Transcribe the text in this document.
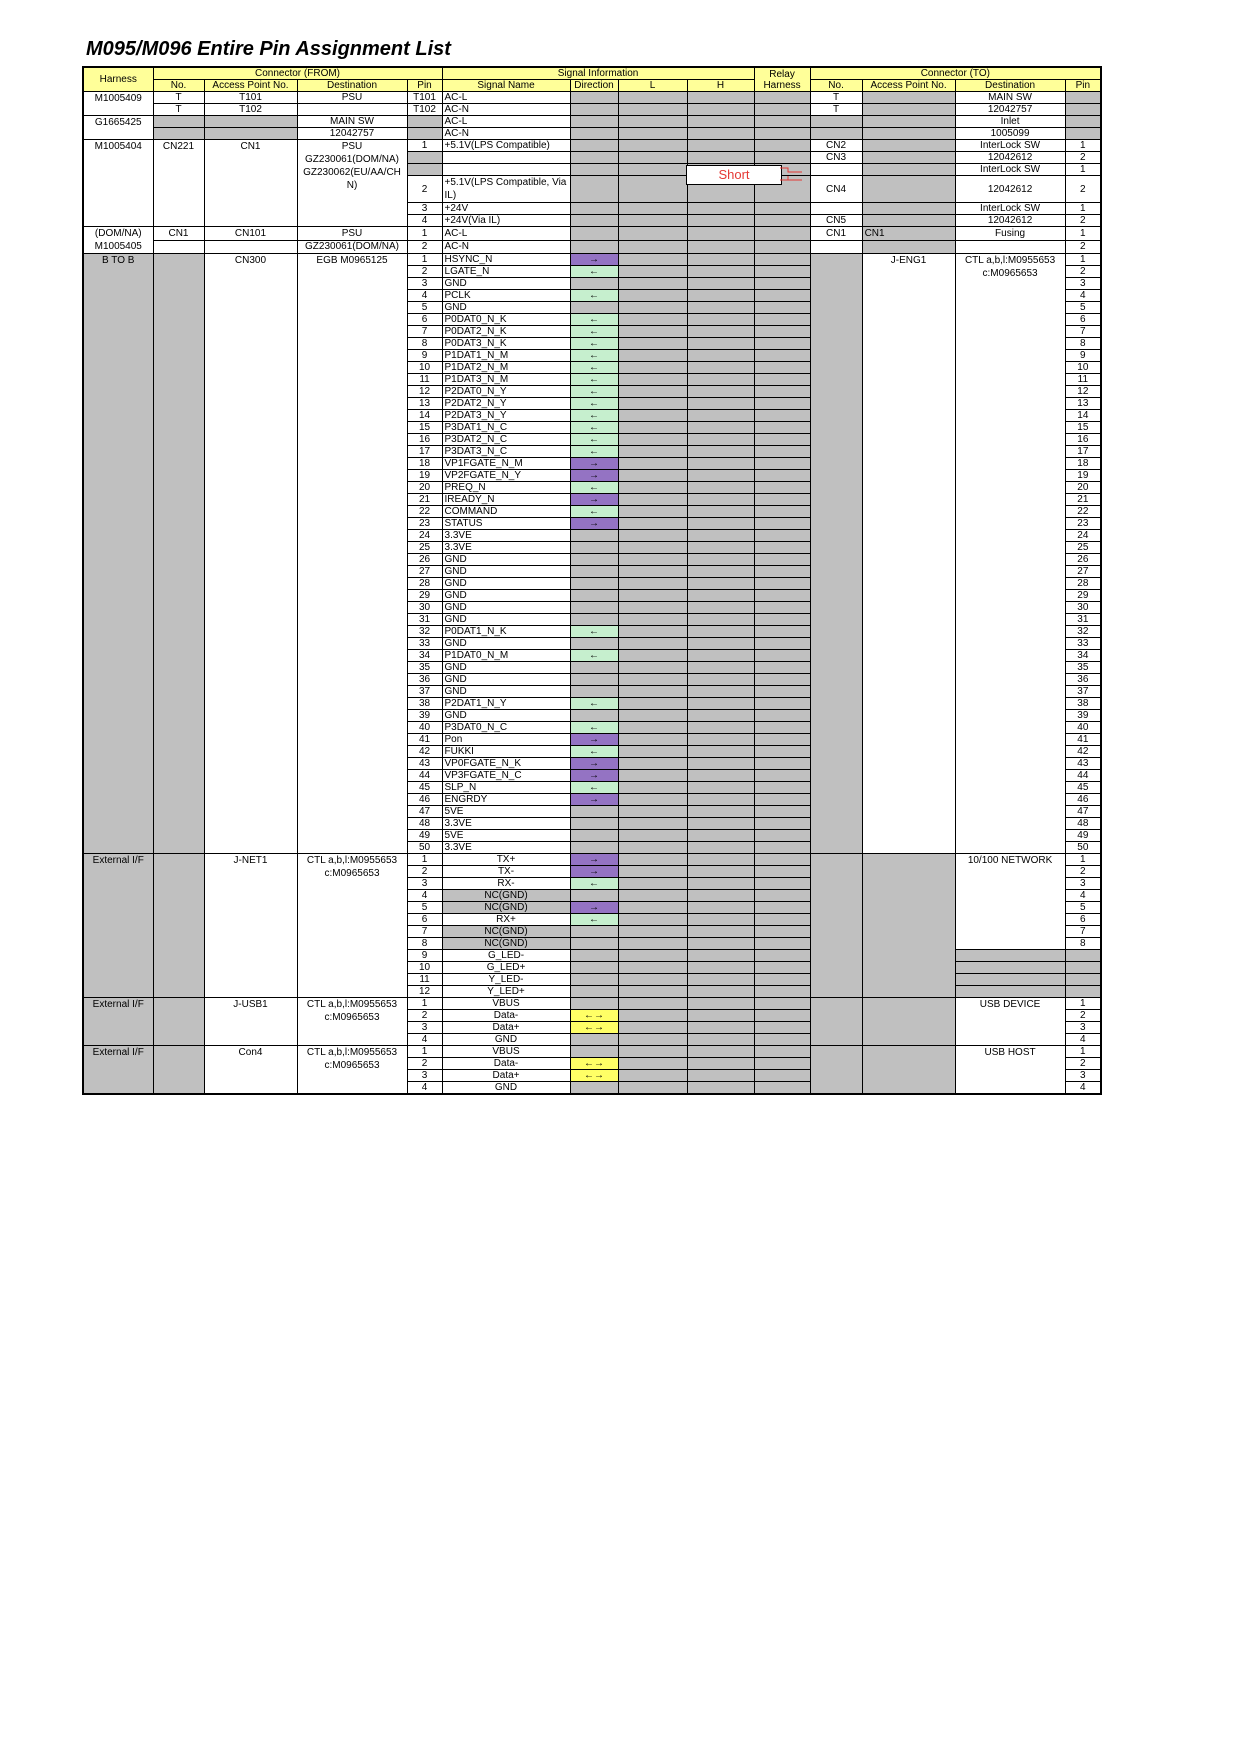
M095/M096 Entire Pin Assignment List
Harness	Connector (FROM)				Signal Information				Relay Harness	Connector (TO)			
	No.	Access Point No.	Destination	Pin	Signal Name	Direction	L	H		No.	Access Point No.	Destination	Pin
M1005409	T	T101	PSU	T101	AC-L					T		MAIN SW	
	T	T102		T102	AC-N					T		12042757	
G1665425			MAIN SW		AC-L							Inlet	
			12042757		AC-N							1005099	
M1005404	CN221	CN1	PSU GZ230061(DOM/NA) GZ230062(EU/AA/CH N)	1	+5.1V(LPS Compatible)					CN2		InterLock SW	1
										CN3		12042612	2
												InterLock SW	1
				2	+5.1V(LPS Compatible, Via IL)					CN4		12042612	2
				3	+24V							InterLock SW	1
				4	+24V(Via IL)					CN5		12042612	2
(DOM/NA) M1005405	CN1	CN101	PSU	1	AC-L					CN1	CN1	Fusing	1
			GZ230061(DOM/NA)	2	AC-N								2
B TO B		CN300	EGB M0965125	1	HSYNC_N	→					J-ENG1	CTL a,b,l:M0955653 c:M0965653	1
				2	LGATE_N	←							2
				3	GND								3
				4	PCLK	←							4
				5	GND								5
				6	P0DAT0_N_K	←							6
				7	P0DAT2_N_K	←							7
				8	P0DAT3_N_K	←							8
				9	P1DAT1_N_M	←							9
				10	P1DAT2_N_M	←							10
				11	P1DAT3_N_M	←							11
				12	P2DAT0_N_Y	←							12
				13	P2DAT2_N_Y	←							13
				14	P2DAT3_N_Y	←							14
				15	P3DAT1_N_C	←							15
				16	P3DAT2_N_C	←							16
				17	P3DAT3_N_C	←							17
				18	VP1FGATE_N_M	→							18
				19	VP2FGATE_N_Y	→							19
				20	PREQ_N	←							20
				21	IREADY_N	→							21
				22	COMMAND	←							22
				23	STATUS	→							23
				24	3.3VE								24
				25	3.3VE								25
				26	GND								26
				27	GND								27
				28	GND								28
				29	GND								29
				30	GND								30
				31	GND								31
				32	P0DAT1_N_K	←							32
				33	GND								33
				34	P1DAT0_N_M	←							34
				35	GND								35
				36	GND								36
				37	GND								37
				38	P2DAT1_N_Y	←							38
				39	GND								39
				40	P3DAT0_N_C	←							40
				41	Pon	→							41
				42	FUKKI	←							42
				43	VP0FGATE_N_K	→							43
				44	VP3FGATE_N_C	→							44
				45	SLP_N	←							45
				46	ENGRDY	→							46
				47	5VE								47
				48	3.3VE								48
				49	5VE								49
				50	3.3VE								50
External I/F		J-NET1	CTL a,b,l:M0955653 c:M0965653	1	TX+	→						10/100 NETWORK	1
				2	TX-	→							2
				3	RX-	←							3
				4	NC(GND)								4
				5	NC(GND)	→							5
				6	RX+	←							6
				7	NC(GND)								7
				8	NC(GND)								8
				9	G_LED-								
				10	G_LED+								
				11	Y_LED-								
				12	Y_LED+								
External I/F		J-USB1	CTL a,b,l:M0955653 c:M0965653	1	VBUS							USB DEVICE	1
				2	Data-	←→							2
				3	Data+	←→							3
				4	GND								4
External I/F		Con4	CTL a,b,l:M0955653 c:M0965653	1	VBUS							USB HOST	1
				2	Data-	←→							2
				3	Data+	←→							3
				4	GND								4
Short
